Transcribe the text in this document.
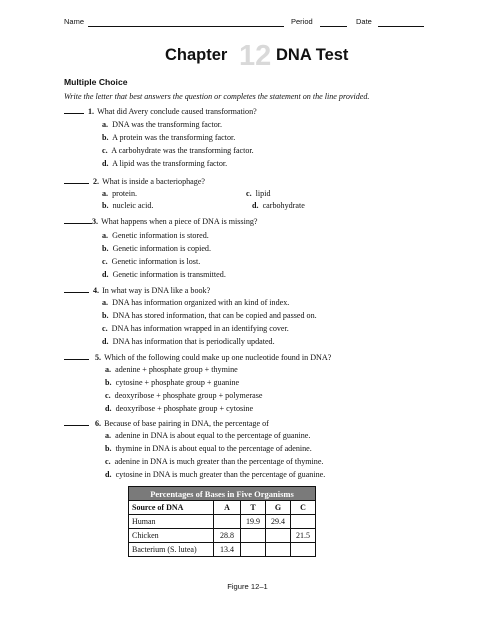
Name	Period	Date
Chapter 12 DNA Test
Multiple Choice
Write the letter that best answers the question or completes the statement on the line provided.
1. What did Avery conclude caused transformation?
a. DNA was the transforming factor.
b. A protein was the transforming factor.
c. A carbohydrate was the transforming factor.
d. A lipid was the transforming factor.
2. What is inside a bacteriophage?
a. protein.	c. lipid
b. nucleic acid.	d. carbohydrate
3. What happens when a piece of DNA is missing?
a. Genetic information is stored.
b. Genetic information is copied.
c. Genetic information is lost.
d. Genetic information is transmitted.
4. In what way is DNA like a book?
a. DNA has information organized with an kind of index.
b. DNA has stored information, that can be copied and passed on.
c. DNA has information wrapped in an identifying cover.
d. DNA has information that is periodically updated.
5. Which of the following could make up one nucleotide found in DNA?
a. adenine + phosphate group + thymine
b. cytosine + phosphate group + guanine
c. deoxyribose + phosphate group + polymerase
d. deoxyribose + phosphate group + cytosine
6. Because of base pairing in DNA, the percentage of
a. adenine in DNA is about equal to the percentage of guanine.
b. thymine in DNA is about equal to the percentage of adenine.
c. adenine in DNA is much greater than the percentage of thymine.
d. cytosine in DNA is much greater than the percentage of guanine.
Percentages of Bases in Five Organisms				
Source of DNA	A	T	G	C
Human		19.9	29.4	
Chicken	28.8			21.5
Bacterium (S. lutea)	13.4			
Figure 12–1
